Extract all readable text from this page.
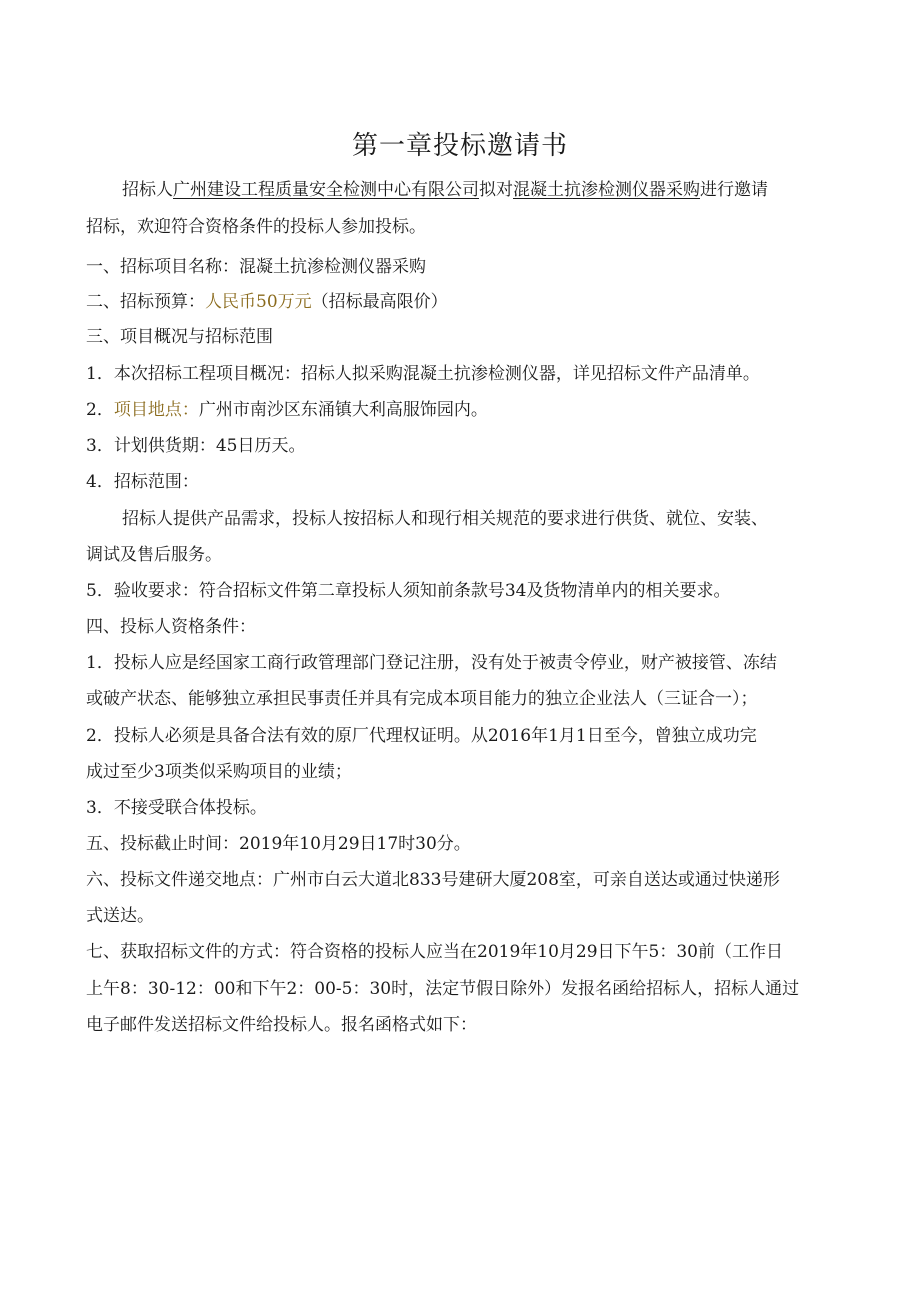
第一章投标邀请书
招标人广州建设工程质量安全检测中心有限公司拟对混凝土抗渗检测仪器采购进行邀请
招标，欢迎符合资格条件的投标人参加投标。
一、招标项目名称：混凝土抗渗检测仪器采购
二、招标预算：人民币50万元（招标最高限价）
三、项目概况与招标范围
1．本次招标工程项目概况：招标人拟采购混凝土抗渗检测仪器，详见招标文件产品清单。
2．项目地点：广州市南沙区东涌镇大利高服饰园内。
3．计划供货期：45日历天。
4．招标范围：
招标人提供产品需求，投标人按招标人和现行相关规范的要求进行供货、就位、安装、
调试及售后服务。
5．验收要求：符合招标文件第二章投标人须知前条款号34及货物清单内的相关要求。
四、投标人资格条件：
1．投标人应是经国家工商行政管理部门登记注册，没有处于被责令停业，财产被接管、冻结
或破产状态、能够独立承担民事责任并具有完成本项目能力的独立企业法人（三证合一）；
2．投标人必须是具备合法有效的原厂代理权证明。从2016年1月1日至今，曾独立成功完
成过至少3项类似采购项目的业绩；
3．不接受联合体投标。
五、投标截止时间：2019年10月29日17时30分。
六、投标文件递交地点：广州市白云大道北833号建研大厦208室，可亲自送达或通过快递形
式送达。
七、获取招标文件的方式：符合资格的投标人应当在2019年10月29日下午5：30前（工作日
上午8：30-12：00和下午2：00-5：30时，法定节假日除外）发报名函给招标人，招标人通过
电子邮件发送招标文件给投标人。报名函格式如下：
